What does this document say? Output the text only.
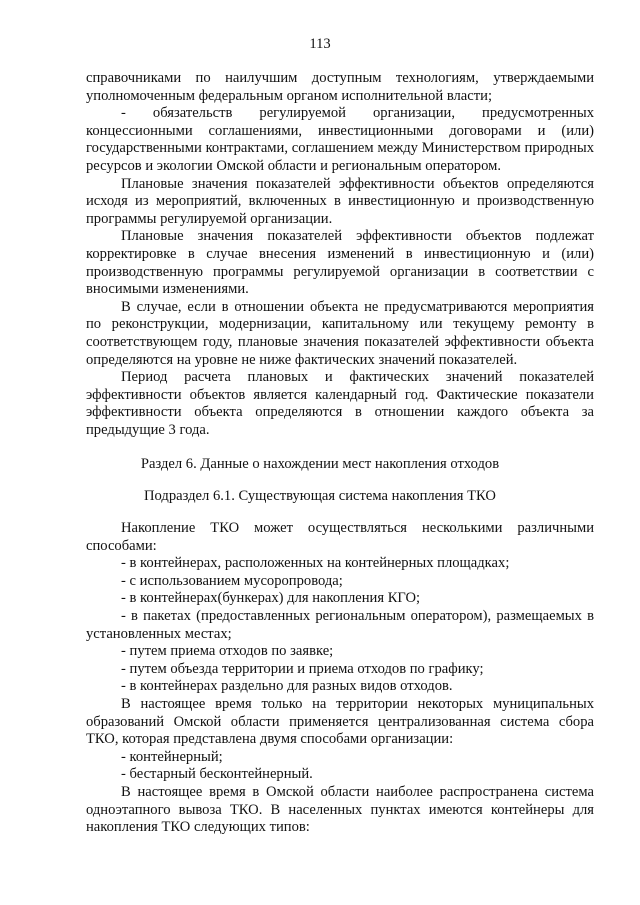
113

справочниками по наилучшим доступным технологиям, утверждаемыми уполномоченным федеральным органом исполнительной власти;

- обязательств регулируемой организации, предусмотренных концессионными соглашениями, инвестиционными договорами и (или) государственными контрактами, соглашением между Министерством природных ресурсов и экологии Омской области и региональным оператором.

Плановые значения показателей эффективности объектов определяются исходя из мероприятий, включенных в инвестиционную и производственную программы регулируемой организации.

Плановые значения показателей эффективности объектов подлежат корректировке в случае внесения изменений в инвестиционную и (или) производственную программы регулируемой организации в соответствии с вносимыми изменениями.

В случае, если в отношении объекта не предусматриваются мероприятия по реконструкции, модернизации, капитальному или текущему ремонту в соответствующем году, плановые значения показателей эффективности объекта определяются на уровне не ниже фактических значений показателей.

Период расчета плановых и фактических значений показателей эффективности объектов является календарный год. Фактические показатели эффективности объекта определяются в отношении каждого объекта за предыдущие 3 года.

Раздел 6. Данные о нахождении мест накопления отходов
Подраздел 6.1. Существующая система накопления ТКО

Накопление ТКО может осуществляться несколькими различными способами:

- в контейнерах, расположенных на контейнерных площадках;

- с использованием мусоропровода;

- в контейнерах(бункерах) для накопления КГО;

- в пакетах (предоставленных региональным оператором), размещаемых в установленных местах;

- путем приема отходов по заявке;

- путем объезда территории и приема отходов по графику;

- в контейнерах раздельно для разных видов отходов.

В настоящее время только на территории некоторых муниципальных образований Омской области применяется централизованная система сбора ТКО, которая представлена двумя способами организации:

- контейнерный;

- бестарный бесконтейнерный.

В настоящее время в Омской области наиболее распространена система одноэтапного вывоза ТКО. В населенных пунктах имеются контейнеры для накопления ТКО следующих типов:
